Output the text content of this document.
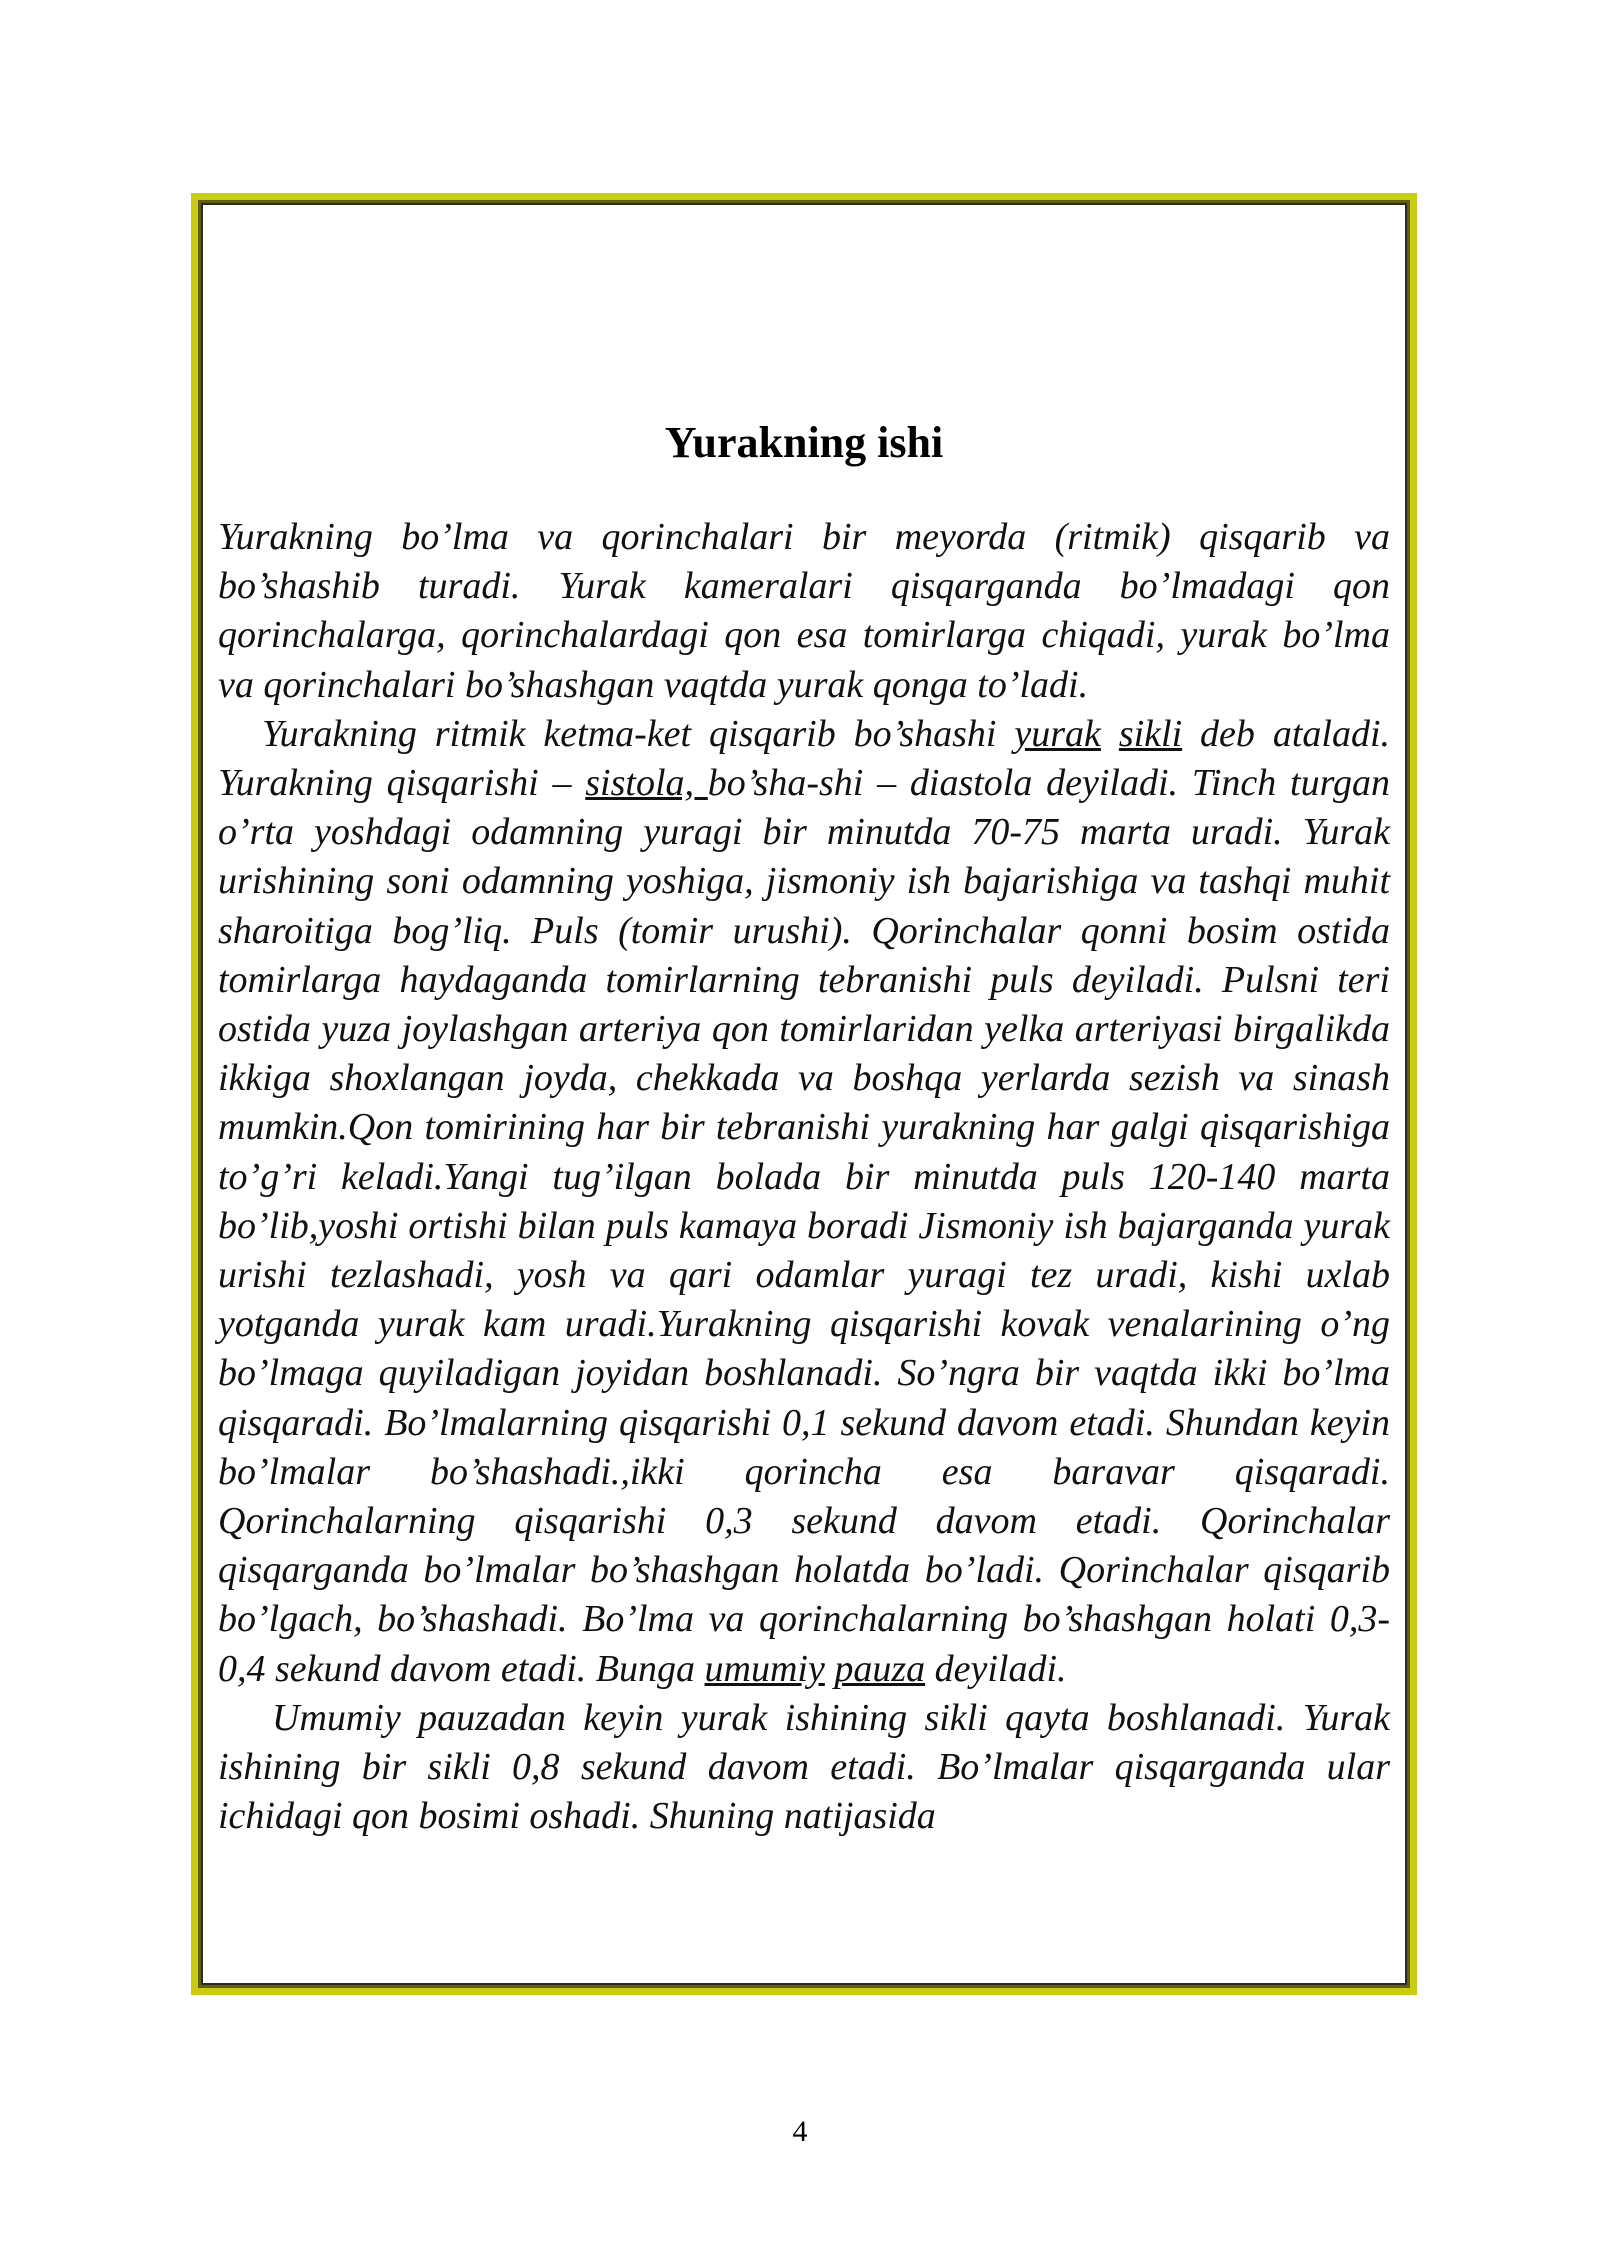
Yurakning ishi

Yurakning bo’lma va qorinchalari bir meyorda (ritmik) qisqarib va bo’shashib turadi. Yurak kameralari qisqarganda bo’lmadagi qon qorinchalarga, qorinchalardagi qon esa tomirlarga chiqadi, yurak bo’lma va qorinchalari bo’shashgan vaqtda yurak qonga to’ladi.

Yurakning ritmik ketma-ket qisqarib bo’shashi yurak sikli deb ataladi. Yurakning qisqarishi – sistola, bo’sha-shi – diastola deyiladi. Tinch turgan o’rta yoshdagi odamning yuragi bir minutda 70-75 marta uradi. Yurak urishining soni odamning yoshiga, jismoniy ish bajarishiga va tashqi muhit sharoitiga bog’liq. Puls (tomir urushi). Qorinchalar qonni bosim ostida tomirlarga haydaganda tomirlarning tebranishi puls deyiladi. Pulsni teri ostida yuza joylashgan arteriya qon tomirlaridan yelka arteriyasi birgalikda ikkiga shoxlangan joyda, chekkada va boshqa yerlarda sezish va sinash mumkin.Qon tomirining har bir tebranishi yurakning har galgi qisqarishiga to’g’ri keladi.Yangi tug’ilgan bolada bir minutda puls 120-140 marta bo’lib,yoshi ortishi bilan puls kamaya boradi Jismoniy ish bajarganda yurak urishi tezlashadi, yosh va qari odamlar yuragi tez uradi, kishi uxlab yotganda yurak kam uradi.Yurakning qisqarishi kovak venalarining o’ng bo’lmaga quyiladigan joyidan boshlanadi. So’ngra bir vaqtda ikki bo’lma qisqaradi. Bo’lmalarning qisqarishi 0,1 sekund davom etadi. Shundan keyin bo’lmalar bo’shashadi.,ikki qorincha esa baravar qisqaradi. Qorinchalarning qisqarishi 0,3 sekund davom etadi. Qorinchalar qisqarganda bo’lmalar bo’shashgan holatda bo’ladi. Qorinchalar qisqarib bo’lgach, bo’shashadi. Bo’lma va qorinchalarning bo’shashgan holati 0,3-0,4 sekund davom etadi. Bunga umumiy pauza deyiladi.

Umumiy pauzadan keyin yurak ishining sikli qayta boshlanadi. Yurak ishining bir sikli 0,8 sekund davom etadi. Bo’lmalar qisqarganda ular ichidagi qon bosimi oshadi. Shuning natijasida

4
